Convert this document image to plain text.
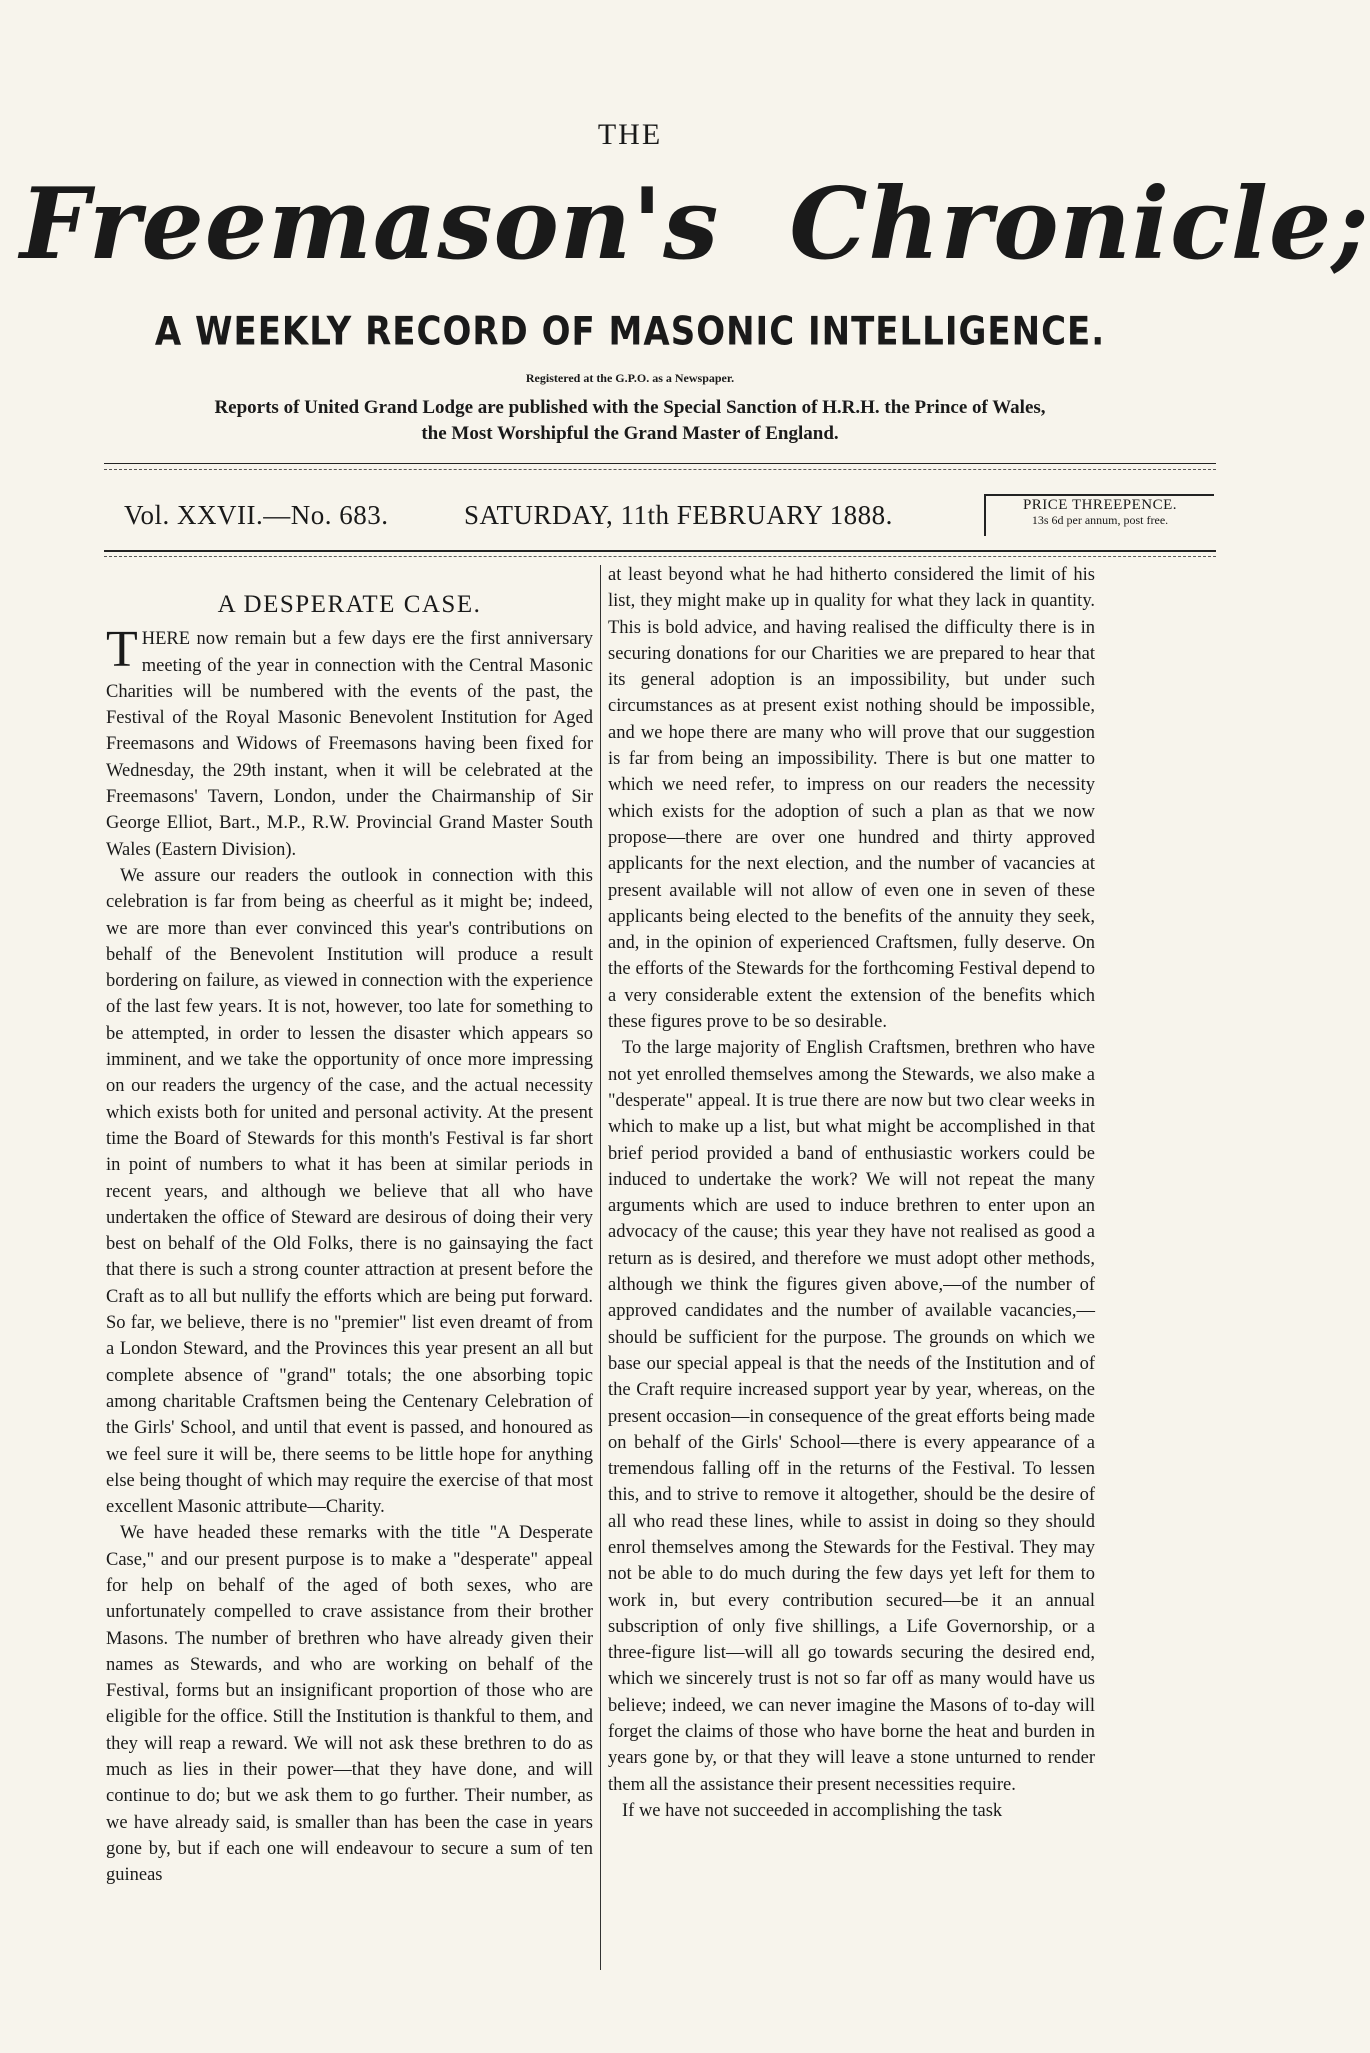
THE
Freemason's Chronicle;
A WEEKLY RECORD OF MASONIC INTELLIGENCE.
Registered at the G.P.O. as a Newspaper.
Reports of United Grand Lodge are published with the Special Sanction of H.R.H. the Prince of Wales,
the Most Worshipful the Grand Master of England.
Vol. XXVII.—No. 683.	SATURDAY, 11th FEBRUARY 1888.	PRICE THREEPENCE.
13s 6d per annum, post free.
A DESPERATE CASE.

THERE now remain but a few days ere the first anniversary meeting of the year in connection with the Central Masonic Charities will be numbered with the events of the past, the Festival of the Royal Masonic Benevolent Institution for Aged Freemasons and Widows of Freemasons having been fixed for Wednesday, the 29th instant, when it will be celebrated at the Freemasons' Tavern, London, under the Chairmanship of Sir George Elliot, Bart., M.P., R.W. Provincial Grand Master South Wales (Eastern Division).

We assure our readers the outlook in connection with this celebration is far from being as cheerful as it might be; indeed, we are more than ever convinced this year's contributions on behalf of the Benevolent Institution will produce a result bordering on failure, as viewed in connection with the experience of the last few years. It is not, however, too late for something to be attempted, in order to lessen the disaster which appears so imminent, and we take the opportunity of once more impressing on our readers the urgency of the case, and the actual necessity which exists both for united and personal activity. At the present time the Board of Stewards for this month's Festival is far short in point of numbers to what it has been at similar periods in recent years, and although we believe that all who have undertaken the office of Steward are desirous of doing their very best on behalf of the Old Folks, there is no gainsaying the fact that there is such a strong counter attraction at present before the Craft as to all but nullify the efforts which are being put forward. So far, we believe, there is no "premier" list even dreamt of from a London Steward, and the Provinces this year present an all but complete absence of "grand" totals; the one absorbing topic among charitable Craftsmen being the Centenary Celebration of the Girls' School, and until that event is passed, and honoured as we feel sure it will be, there seems to be little hope for anything else being thought of which may require the exercise of that most excellent Masonic attribute—Charity.

We have headed these remarks with the title "A Desperate Case," and our present purpose is to make a "desperate" appeal for help on behalf of the aged of both sexes, who are unfortunately compelled to crave assistance from their brother Masons. The number of brethren who have already given their names as Stewards, and who are working on behalf of the Festival, forms but an insignificant proportion of those who are eligible for the office. Still the Institution is thankful to them, and they will reap a reward. We will not ask these brethren to do as much as lies in their power—that they have done, and will continue to do; but we ask them to go further. Their number, as we have already said, is smaller than has been the case in years gone by, but if each one will endeavour to secure a sum of ten guineas

at least beyond what he had hitherto considered the limit of his list, they might make up in quality for what they lack in quantity. This is bold advice, and having realised the difficulty there is in securing donations for our Charities we are prepared to hear that its general adoption is an impossibility, but under such circumstances as at present exist nothing should be impossible, and we hope there are many who will prove that our suggestion is far from being an impossibility. There is but one matter to which we need refer, to impress on our readers the necessity which exists for the adoption of such a plan as that we now propose—there are over one hundred and thirty approved applicants for the next election, and the number of vacancies at present available will not allow of even one in seven of these applicants being elected to the benefits of the annuity they seek, and, in the opinion of experienced Craftsmen, fully deserve. On the efforts of the Stewards for the forthcoming Festival depend to a very considerable extent the extension of the benefits which these figures prove to be so desirable.

To the large majority of English Craftsmen, brethren who have not yet enrolled themselves among the Stewards, we also make a "desperate" appeal. It is true there are now but two clear weeks in which to make up a list, but what might be accomplished in that brief period provided a band of enthusiastic workers could be induced to undertake the work? We will not repeat the many arguments which are used to induce brethren to enter upon an advocacy of the cause; this year they have not realised as good a return as is desired, and therefore we must adopt other methods, although we think the figures given above,—of the number of approved candidates and the number of available vacancies,—should be sufficient for the purpose. The grounds on which we base our special appeal is that the needs of the Institution and of the Craft require increased support year by year, whereas, on the present occasion—in consequence of the great efforts being made on behalf of the Girls' School—there is every appearance of a tremendous falling off in the returns of the Festival. To lessen this, and to strive to remove it altogether, should be the desire of all who read these lines, while to assist in doing so they should enrol themselves among the Stewards for the Festival. They may not be able to do much during the few days yet left for them to work in, but every contribution secured—be it an annual subscription of only five shillings, a Life Governorship, or a three-figure list—will all go towards securing the desired end, which we sincerely trust is not so far off as many would have us believe; indeed, we can never imagine the Masons of to-day will forget the claims of those who have borne the heat and burden in years gone by, or that they will leave a stone unturned to render them all the assistance their present necessities require.

If we have not succeeded in accomplishing the task
